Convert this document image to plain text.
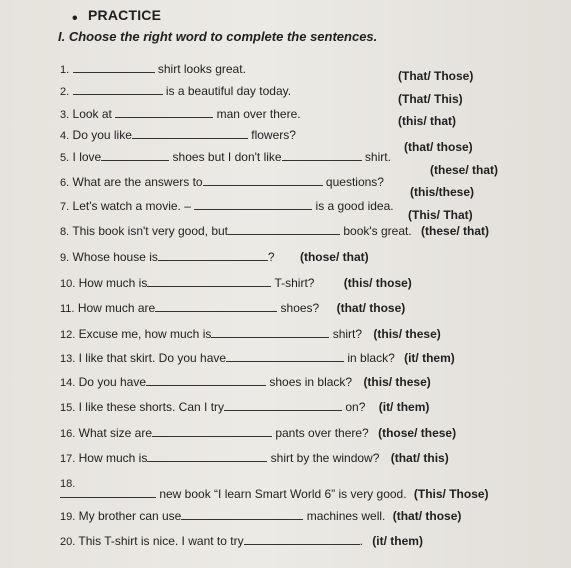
• PRACTICE
I. Choose the right word to complete the sentences.
1.	shirt looks great.	(That/ Those)
2.	is a beautiful day today.
(That/ This)
3. Look at	man over there.	(this/ that)
4. Do you like	flowers?
(that/ those)
5. I love	shoes but I don't like	shirt.
(these/ that)
6. What are the answers to	questions?
(this/these)
7. Let's watch a movie. –	is a good idea.
(This/ That)
8. This book isn't very good, but	book's great. (these/ that)
9. Whose house is	? (those/ that)
10. How much is	T-shirt? (this/ those)
11. How much are	shoes? (that/ those)
12. Excuse me, how much is	shirt? (this/ these)
13. I like that skirt. Do you have	in black? (it/ them)
14. Do you have	shoes in black? (this/ these)
15. I like these shorts. Can I try	on? (it/ them)
16. What size are	pants over there? (those/ these)
17. How much is	shirt by the window? (that/ this)
18.
new book “I learn Smart World 6” is very good. (This/ Those)
19. My brother can use	machines well. (that/ those)
20. This T-shirt is nice. I want to try	. (it/ them)
